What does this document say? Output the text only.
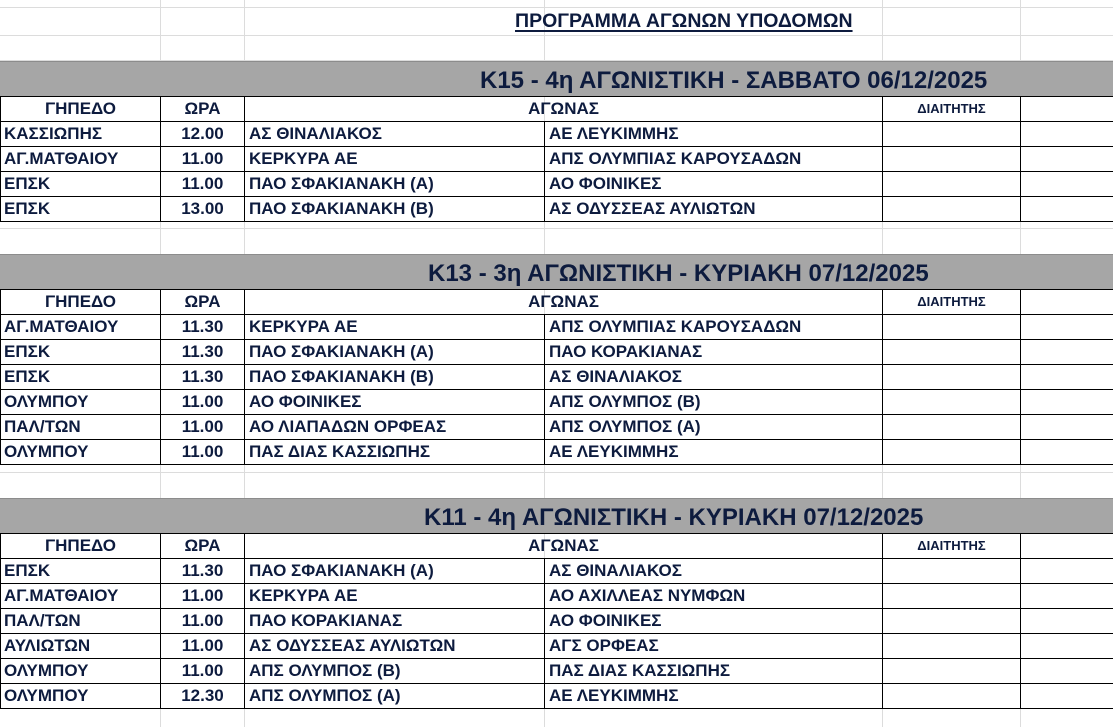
ΠΡΟΓΡΑΜΜΑ ΑΓΩΝΩΝ ΥΠΟΔΟΜΩΝ
Κ15 - 4η ΑΓΩΝΙΣΤΙΚΗ - ΣΑΒΒΑΤΟ 06/12/2025
ΓΗΠΕΔΟ	ΩΡΑ	ΑΓΩΝΑΣ		ΔΙΑΙΤΗΤΗΣ	
ΚΑΣΣΙΩΠΗΣ	12.00	ΑΣ ΘΙΝΑΛΙΑΚΟΣ	ΑΕ ΛΕΥΚΙΜΜΗΣ		
ΑΓ.ΜΑΤΘΑΙΟΥ	11.00	ΚΕΡΚΥΡΑ ΑΕ	ΑΠΣ ΟΛΥΜΠΙΑΣ ΚΑΡΟΥΣΑΔΩΝ		
ΕΠΣΚ	11.00	ΠΑΟ ΣΦΑΚΙΑΝΑΚΗ (Α)	ΑΟ ΦΟΙΝΙΚΕΣ		
ΕΠΣΚ	13.00	ΠΑΟ ΣΦΑΚΙΑΝΑΚΗ (Β)	ΑΣ ΟΔΥΣΣΕΑΣ ΑΥΛΙΩΤΩΝ		
Κ13 - 3η ΑΓΩΝΙΣΤΙΚΗ - ΚΥΡΙΑΚΗ 07/12/2025
ΓΗΠΕΔΟ	ΩΡΑ	ΑΓΩΝΑΣ		ΔΙΑΙΤΗΤΗΣ	
ΑΓ.ΜΑΤΘΑΙΟΥ	11.30	ΚΕΡΚΥΡΑ ΑΕ	ΑΠΣ ΟΛΥΜΠΙΑΣ ΚΑΡΟΥΣΑΔΩΝ		
ΕΠΣΚ	11.30	ΠΑΟ ΣΦΑΚΙΑΝΑΚΗ (Α)	ΠΑΟ ΚΟΡΑΚΙΑΝΑΣ		
ΕΠΣΚ	11.30	ΠΑΟ ΣΦΑΚΙΑΝΑΚΗ (Β)	ΑΣ ΘΙΝΑΛΙΑΚΟΣ		
ΟΛΥΜΠΟΥ	11.00	ΑΟ ΦΟΙΝΙΚΕΣ	ΑΠΣ ΟΛΥΜΠΟΣ (Β)		
ΠΑΛ/ΤΩΝ	11.00	ΑΟ ΛΙΑΠΑΔΩΝ ΟΡΦΕΑΣ	ΑΠΣ ΟΛΥΜΠΟΣ (Α)		
ΟΛΥΜΠΟΥ	11.00	ΠΑΣ ΔΙΑΣ ΚΑΣΣΙΩΠΗΣ	ΑΕ ΛΕΥΚΙΜΜΗΣ		
Κ11 - 4η ΑΓΩΝΙΣΤΙΚΗ - ΚΥΡΙΑΚΗ 07/12/2025
ΓΗΠΕΔΟ	ΩΡΑ	ΑΓΩΝΑΣ		ΔΙΑΙΤΗΤΗΣ	
ΕΠΣΚ	11.30	ΠΑΟ ΣΦΑΚΙΑΝΑΚΗ (Α)	ΑΣ ΘΙΝΑΛΙΑΚΟΣ		
ΑΓ.ΜΑΤΘΑΙΟΥ	11.00	ΚΕΡΚΥΡΑ ΑΕ	ΑΟ ΑΧΙΛΛΕΑΣ ΝΥΜΦΩΝ		
ΠΑΛ/ΤΩΝ	11.00	ΠΑΟ ΚΟΡΑΚΙΑΝΑΣ	ΑΟ ΦΟΙΝΙΚΕΣ		
ΑΥΛΙΩΤΩΝ	11.00	ΑΣ ΟΔΥΣΣΕΑΣ ΑΥΛΙΩΤΩΝ	ΑΓΣ ΟΡΦΕΑΣ		
ΟΛΥΜΠΟΥ	11.00	ΑΠΣ ΟΛΥΜΠΟΣ (Β)	ΠΑΣ ΔΙΑΣ ΚΑΣΣΙΩΠΗΣ		
ΟΛΥΜΠΟΥ	12.30	ΑΠΣ ΟΛΥΜΠΟΣ (Α)	ΑΕ ΛΕΥΚΙΜΜΗΣ		
